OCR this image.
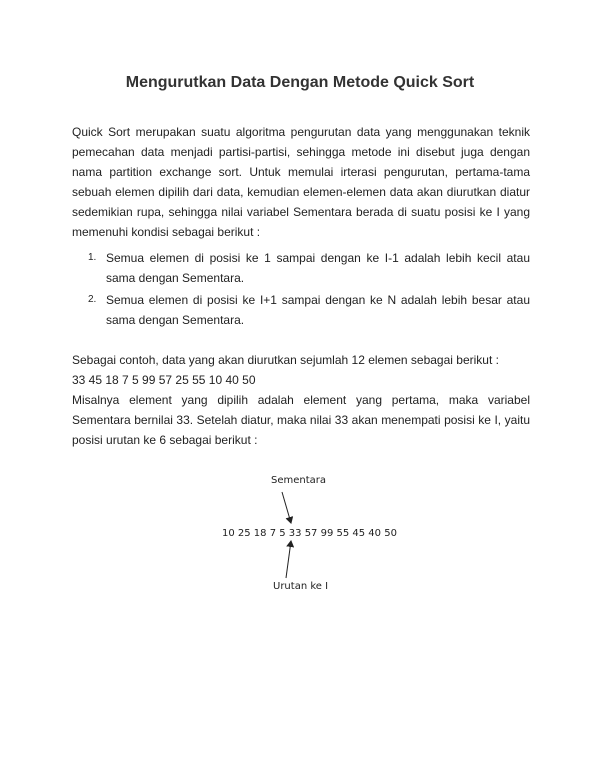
Mengurutkan Data Dengan Metode Quick Sort

Quick Sort merupakan suatu algoritma pengurutan data yang menggunakan teknik pemecahan data menjadi partisi-partisi, sehingga metode ini disebut juga dengan nama partition exchange sort. Untuk memulai irterasi pengurutan, pertama-tama sebuah elemen dipilih dari data, kemudian elemen-elemen data akan diurutkan diatur sedemikian rupa, sehingga nilai variabel Sementara berada di suatu posisi ke I yang memenuhi kondisi sebagai berikut :

1. Semua elemen di posisi ke 1 sampai dengan ke I-1 adalah lebih kecil atau sama dengan Sementara.
2. Semua elemen di posisi ke I+1 sampai dengan ke N adalah lebih besar atau sama dengan Sementara.

Sebagai contoh, data yang akan diurutkan sejumlah 12 elemen sebagai berikut :

33 45 18 7 5 99 57 25 55 10 40 50

Misalnya element yang dipilih adalah element yang pertama, maka variabel Sementara bernilai 33. Setelah diatur, maka nilai 33 akan menempati posisi ke I, yaitu posisi urutan ke 6 sebagai berikut :

Sementara
10 25 18 7 5 33 57 99 55 45 40 50
Urutan ke I
